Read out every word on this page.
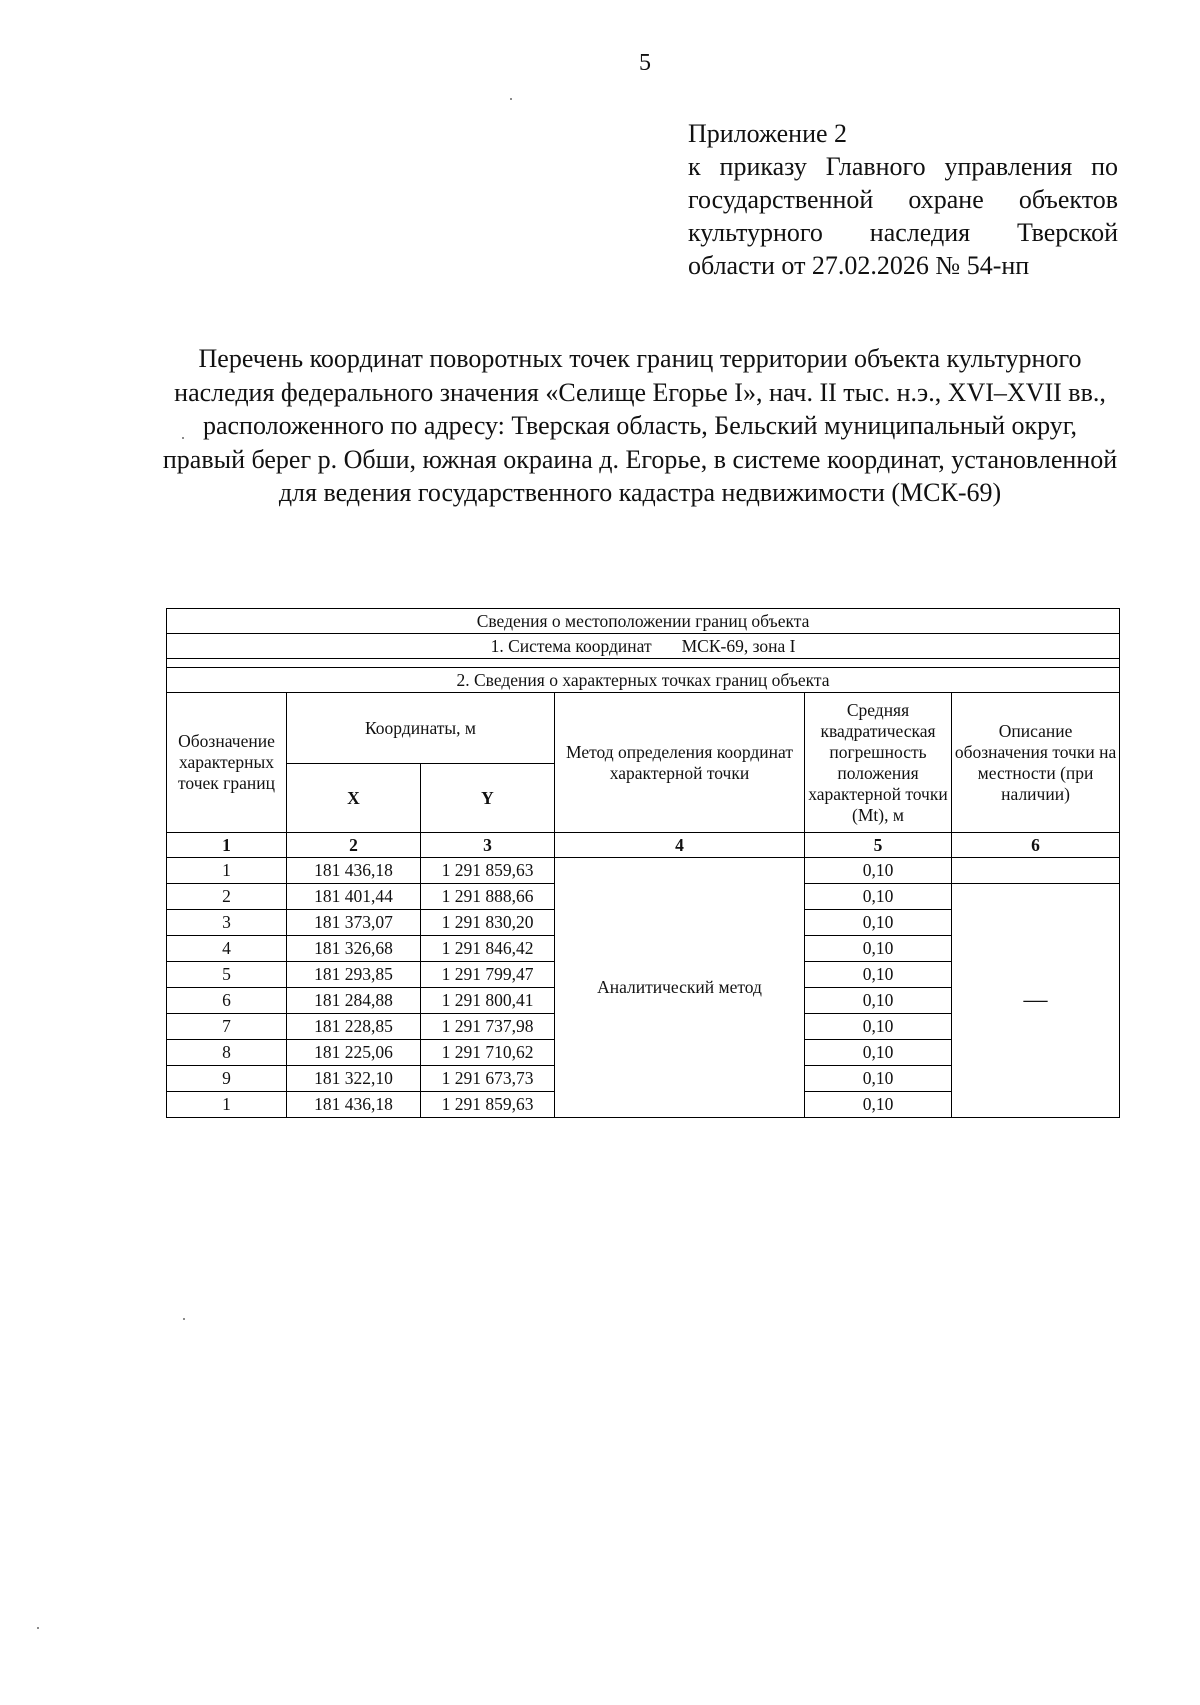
5
Приложение 2
к приказу Главного управления по государственной охране объектов культурного наследия Тверской области от 27.02.2026 № 54-нп
Перечень координат поворотных точек границ территории объекта культурного наследия федерального значения «Селище Егорье I», нач. II тыс. н.э., XVI–XVII вв., расположенного по адресу: Тверская область, Бельский муниципальный округ, правый берег р. Обши, южная окраина д. Егорье, в системе координат, установленной для ведения государственного кадастра недвижимости (МСК-69)
Сведения о местоположении границ объекта					
1. Система координат МСК-69, зона I					

2. Сведения о характерных точках границ объекта					
Обозначение характерных точек границ	Координаты, м		Метод определения координат характерной точки	Средняя квадратическая погрешность положения характерной точки (Mt), м	Описание обозначения точки на местности (при наличии)
	X	Y			
1	2	3	4	5	6
1	181 436,18	1 291 859,63	Аналитический метод	0,10	
2	181 401,44	1 291 888,66		0,10	—
3	181 373,07	1 291 830,20		0,10	
4	181 326,68	1 291 846,42		0,10	
5	181 293,85	1 291 799,47		0,10	
6	181 284,88	1 291 800,41		0,10	
7	181 228,85	1 291 737,98		0,10	
8	181 225,06	1 291 710,62		0,10	
9	181 322,10	1 291 673,73		0,10	
1	181 436,18	1 291 859,63		0,10	
